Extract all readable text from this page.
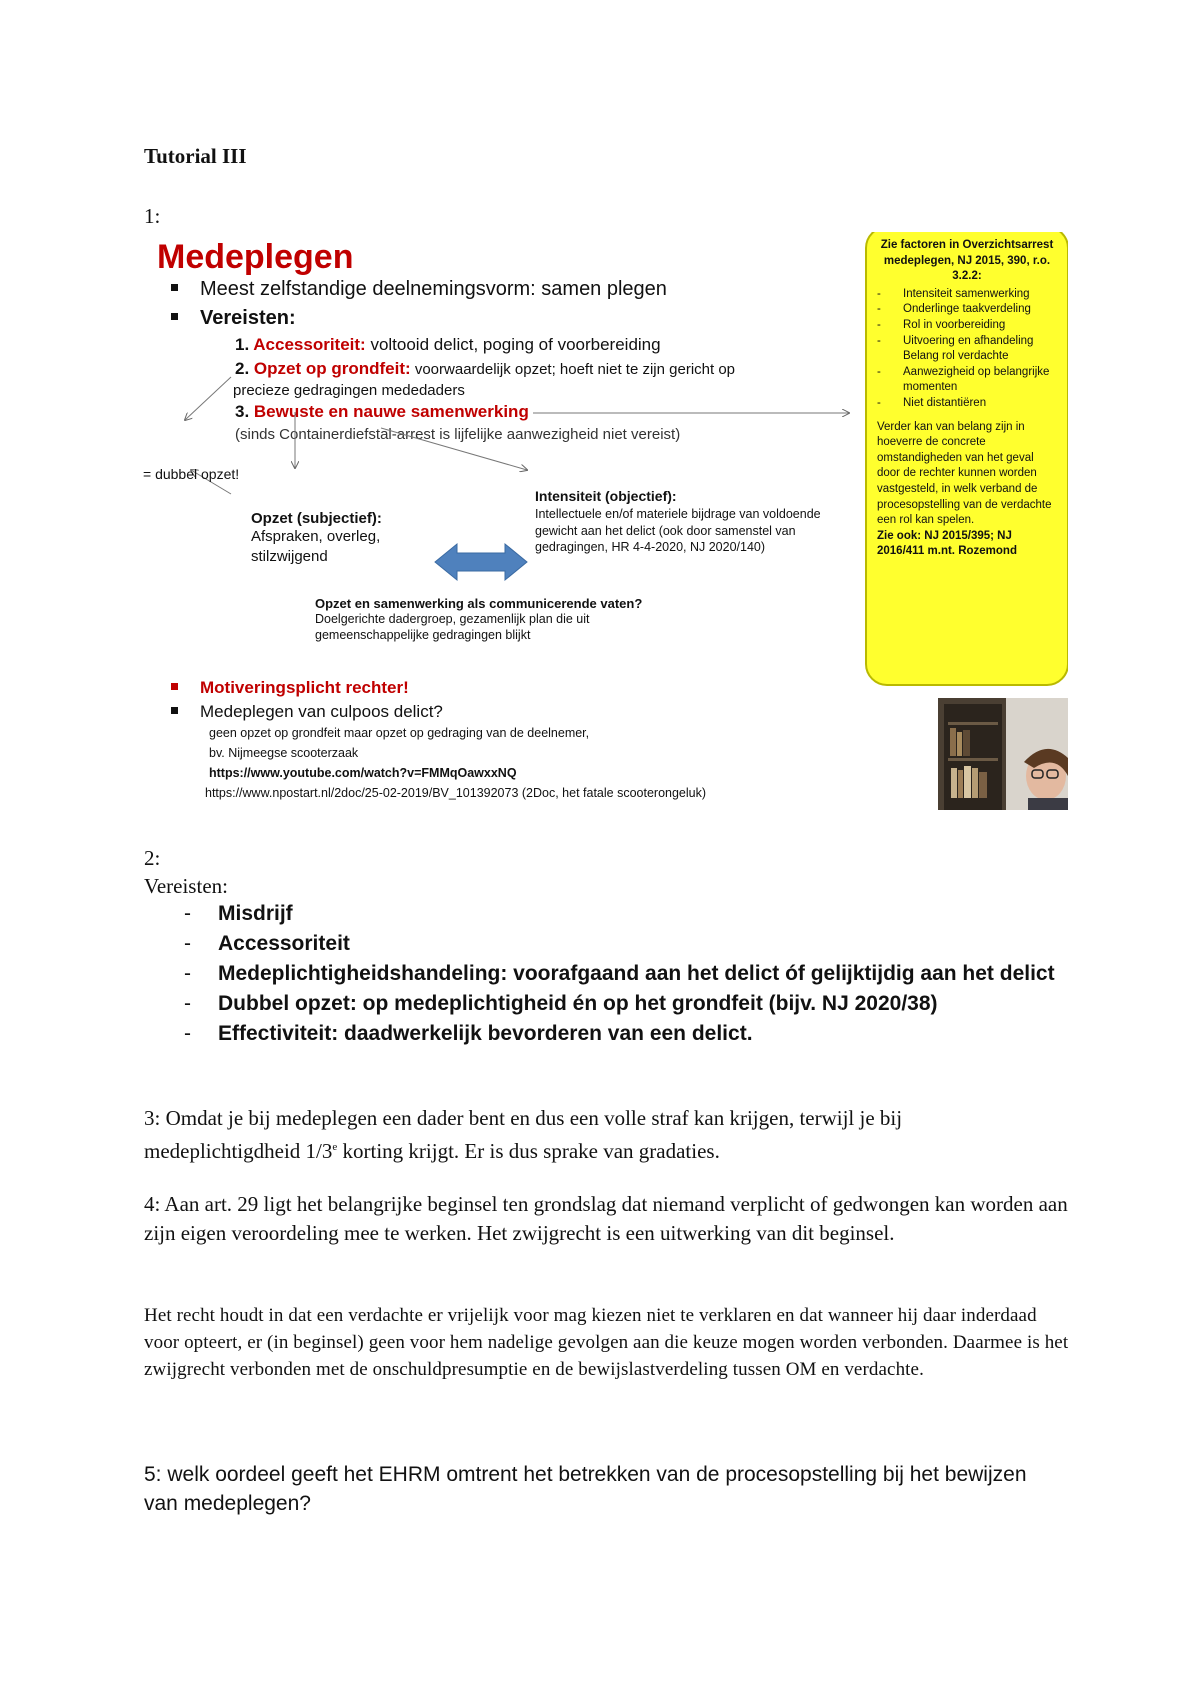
Tutorial III
1:
Medeplegen
Meest zelfstandige deelnemingsvorm: samen plegen
Vereisten:
1. Accessoriteit: voltooid delict, poging of voorbereiding
2. Opzet op grondfeit: voorwaardelijk opzet; hoeft niet te zijn gericht op
precieze gedragingen mededaders
3. Bewuste en nauwe samenwerking
(sinds Containerdiefstal-arrest is lijfelijke aanwezigheid niet vereist)
= dubbel opzet!
Opzet (subjectief):
Afspraken, overleg, stilzwijgend
Intensiteit (objectief):
Intellectuele en/of materiele bijdrage van voldoende gewicht aan het delict (ook door samenstel van gedragingen, HR 4-4-2020, NJ 2020/140)
Opzet en samenwerking als communicerende vaten?
Doelgerichte dadergroep, gezamenlijk plan die uit gemeenschappelijke gedragingen blijkt
Zie factoren in Overzichtsarrest medeplegen, NJ 2015, 390, r.o. 3.2.2:
- Intensiteit samenwerking
- Onderlinge taakverdeling
- Rol in voorbereiding
- Uitvoering en afhandeling Belang rol verdachte
- Aanwezigheid op belangrijke momenten
- Niet distantiëren
Verder kan van belang zijn in hoeverre de concrete omstandigheden van het geval door de rechter kunnen worden vastgesteld, in welk verband de procesopstelling van de verdachte een rol kan spelen.
Zie ook: NJ 2015/395; NJ 2016/411 m.nt. Rozemond
Motiveringsplicht rechter!
Medeplegen van culpoos delict?
geen opzet op grondfeit maar opzet op gedraging van de deelnemer,
bv. Nijmeegse scooterzaak
https://www.youtube.com/watch?v=FMMqOawxxNQ
https://www.npostart.nl/2doc/25-02-2019/BV_101392073 (2Doc, het fatale scooterongeluk)
2:
Vereisten:
- Misdrijf
- Accessoriteit
- Medeplichtigheidshandeling: voorafgaand aan het delict óf gelijktijdig aan het delict
- Dubbel opzet: op medeplichtigheid én op het grondfeit (bijv. NJ 2020/38)
- Effectiviteit: daadwerkelijk bevorderen van een delict.
3: Omdat je bij medeplegen een dader bent en dus een volle straf kan krijgen, terwijl je bij
medeplichtigdheid 1/3e korting krijgt. Er is dus sprake van gradaties.
4: Aan art. 29 ligt het belangrijke beginsel ten grondslag dat niemand verplicht of gedwongen kan worden aan zijn eigen veroordeling mee te werken. Het zwijgrecht is een uitwerking van dit beginsel.
Het recht houdt in dat een verdachte er vrijelijk voor mag kiezen niet te verklaren en dat wanneer hij daar inderdaad voor opteert, er (in beginsel) geen voor hem nadelige gevolgen aan die keuze mogen worden verbonden. Daarmee is het zwijgrecht verbonden met de onschuldpresumptie en de bewijslastverdeling tussen OM en verdachte.
5: welk oordeel geeft het EHRM omtrent het betrekken van de procesopstelling bij het bewijzen van medeplegen?
